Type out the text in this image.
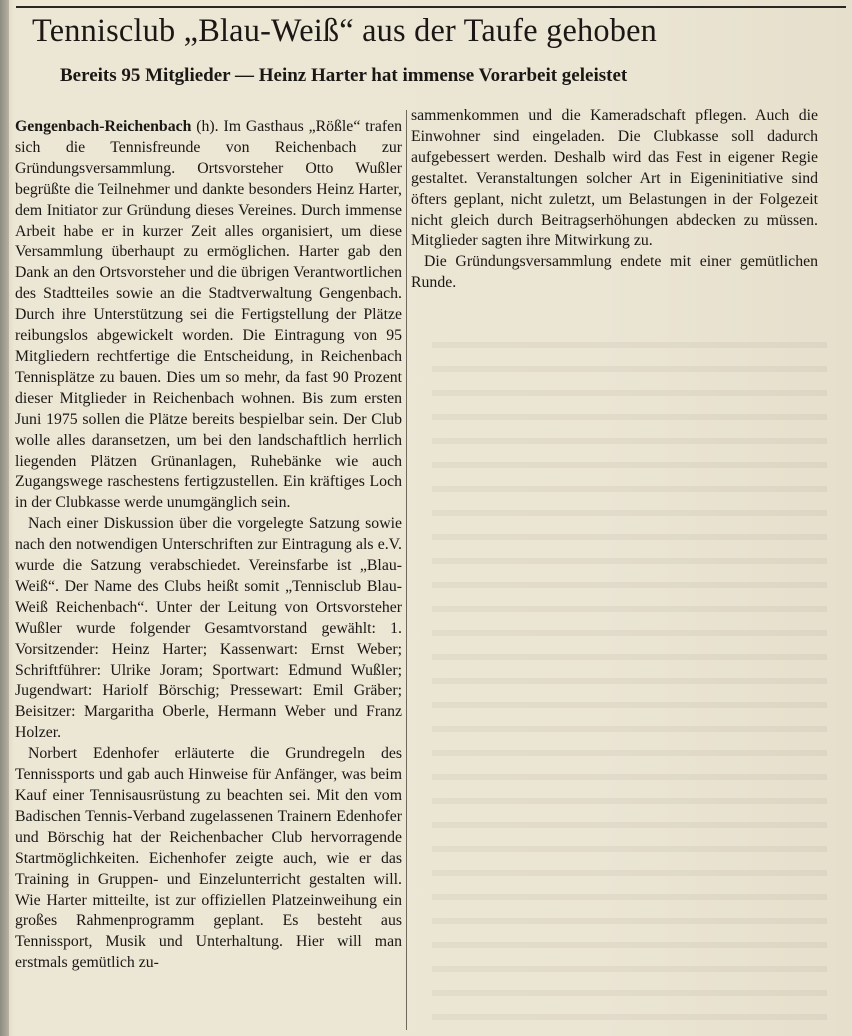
Tennisclub „Blau-Weiß“ aus der Taufe gehoben
Bereits 95 Mitglieder — Heinz Harter hat immense Vorarbeit geleistet

Gengenbach-Reichenbach (h). Im Gasthaus „Rößle“ trafen sich die Tennisfreunde von Reichenbach zur Gründungsversammlung. Ortsvorsteher Otto Wußler begrüßte die Teilnehmer und dankte besonders Heinz Harter, dem Initiator zur Gründung dieses Vereines. Durch immense Arbeit habe er in kurzer Zeit alles organisiert, um diese Versammlung überhaupt zu ermöglichen. Harter gab den Dank an den Ortsvorsteher und die übrigen Verantwortlichen des Stadtteiles sowie an die Stadtverwaltung Gengenbach. Durch ihre Unterstützung sei die Fertigstellung der Plätze reibungslos abgewickelt worden. Die Eintragung von 95 Mitgliedern rechtfertige die Entscheidung, in Reichenbach Tennisplätze zu bauen. Dies um so mehr, da fast 90 Prozent dieser Mitglieder in Reichenbach wohnen. Bis zum ersten Juni 1975 sollen die Plätze bereits bespielbar sein. Der Club wolle alles daransetzen, um bei den landschaftlich herrlich liegenden Plätzen Grünanlagen, Ruhebänke wie auch Zugangswege raschestens fertigzustellen. Ein kräftiges Loch in der Clubkasse werde unumgänglich sein.

Nach einer Diskussion über die vorgelegte Satzung sowie nach den notwendigen Unterschriften zur Eintragung als e.V. wurde die Satzung verabschiedet. Vereinsfarbe ist „Blau-Weiß“. Der Name des Clubs heißt somit „Tennisclub Blau-Weiß Reichenbach“. Unter der Leitung von Ortsvorsteher Wußler wurde folgender Gesamtvorstand gewählt: 1. Vorsitzender: Heinz Harter; Kassenwart: Ernst Weber; Schriftführer: Ulrike Joram; Sportwart: Edmund Wußler; Jugendwart: Hariolf Börschig; Pressewart: Emil Gräber; Beisitzer: Margaritha Oberle, Hermann Weber und Franz Holzer.

Norbert Edenhofer erläuterte die Grundregeln des Tennissports und gab auch Hinweise für Anfänger, was beim Kauf einer Tennisausrüstung zu beachten sei. Mit den vom Badischen Tennis-Verband zugelassenen Trainern Edenhofer und Börschig hat der Reichenbacher Club hervorragende Startmöglichkeiten. Eichenhofer zeigte auch, wie er das Training in Gruppen- und Einzelunterricht gestalten will. Wie Harter mitteilte, ist zur offiziellen Platzeinweihung ein großes Rahmenprogramm geplant. Es besteht aus Tennissport, Musik und Unterhaltung. Hier will man erstmals gemütlich zu-

sammenkommen und die Kameradschaft pflegen. Auch die Einwohner sind eingeladen. Die Clubkasse soll dadurch aufgebessert werden. Deshalb wird das Fest in eigener Regie gestaltet. Veranstaltungen solcher Art in Eigeninitiative sind öfters geplant, nicht zuletzt, um Belastungen in der Folgezeit nicht gleich durch Beitragserhöhungen abdecken zu müssen. Mitglieder sagten ihre Mitwirkung zu.

Die Gründungsversammlung endete mit einer gemütlichen Runde.
